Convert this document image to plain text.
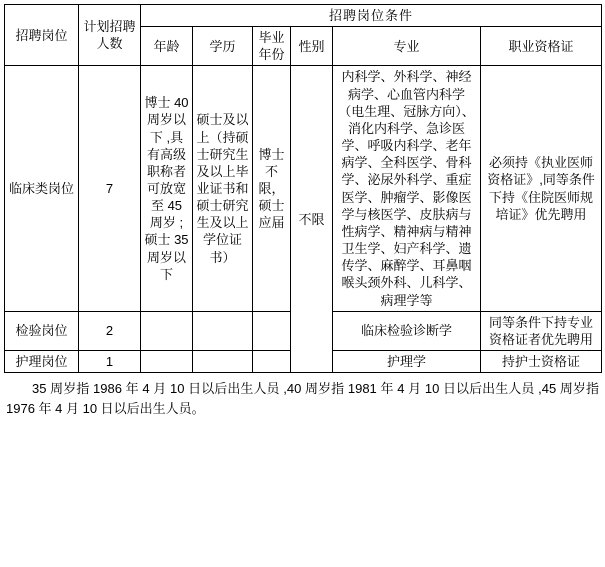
招聘岗位	计划招聘人数	招聘岗位条件					
		年龄	学历	毕业年份	性别	专业	职业资格证
临床类岗位	7	博士 40 周岁以下 ,具有高级职称者可放宽至 45 周岁 ;硕士 35 周岁以下	硕士及以上（持硕士研究生及以上毕业证书和硕士研究生及以上学位证书）	博士不限，硕士应届	不限	内科学、外科学、神经病学、心血管内科学（电生理、冠脉方向）、消化内科学、急诊医学、呼吸内科学、老年病学、全科医学、骨科学、泌尿外科学、重症医学、肿瘤学、影像医学与核医学、皮肤病与性病学、精神病与精神卫生学、妇产科学、遗传学、麻醉学、耳鼻咽喉头颈外科、儿科学、病理学等	必须持《执业医师资格证》,同等条件下持《住院医师规培证》优先聘用
检验岗位	2					临床检验诊断学	同等条件下持专业资格证者优先聘用
护理岗位	1					护理学	持护士资格证
35 周岁指 1986 年 4 月 10 日以后出生人员 ,40 周岁指 1981 年 4 月 10 日以后出生人员 ,45 周岁指 1976 年 4 月 10 日以后出生人员。
